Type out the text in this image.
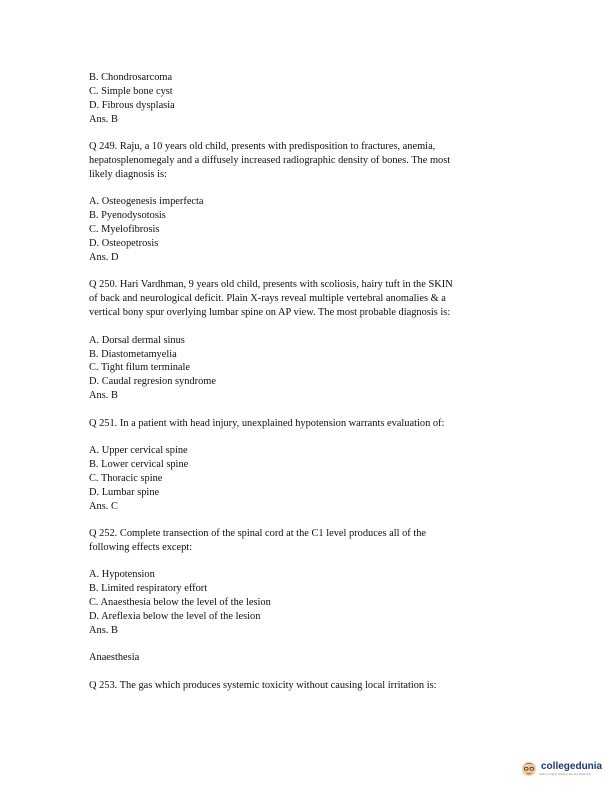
B. Chondrosarcoma
C. Simple bone cyst
D. Fibrous dysplasia
Ans. B
Q 249. Raju, a 10 years old child, presents with predisposition to fractures, anemia,
hepatosplenomegaly and a diffusely increased radiographic density of bones. The most
likely diagnosis is:
A. Osteogenesis imperfecta
B. Pyenodysotosis
C. Myelofibrosis
D. Osteopetrosis
Ans. D
Q 250. Hari Vardhman, 9 years old child, presents with scoliosis, hairy tuft in the SKIN
of back and neurological deficit. Plain X-rays reveal multiple vertebral anomalies & a
vertical bony spur overlying lumbar spine on AP view. The most probable diagnosis is:
A. Dorsal dermal sinus
B. Diastometamyelia
C. Tight filum terminale
D. Caudal regresion syndrome
Ans. B
Q 251. In a patient with head injury, unexplained hypotension warrants evaluation of:
A. Upper cervical spine
B. Lower cervical spine
C. Thoracic spine
D. Lumbar spine
Ans. C
Q 252. Complete transection of the spinal cord at the C1 level produces all of the
following effects except:
A. Hypotension
B. Limited respiratory effort
C. Anaesthesia below the level of the lesion
D. Areflexia below the level of the lesion
Ans. B
Anaesthesia
Q 253. The gas which produces systemic toxicity without causing local irritation is:
collegedunia
India's largest Student Review Platform
